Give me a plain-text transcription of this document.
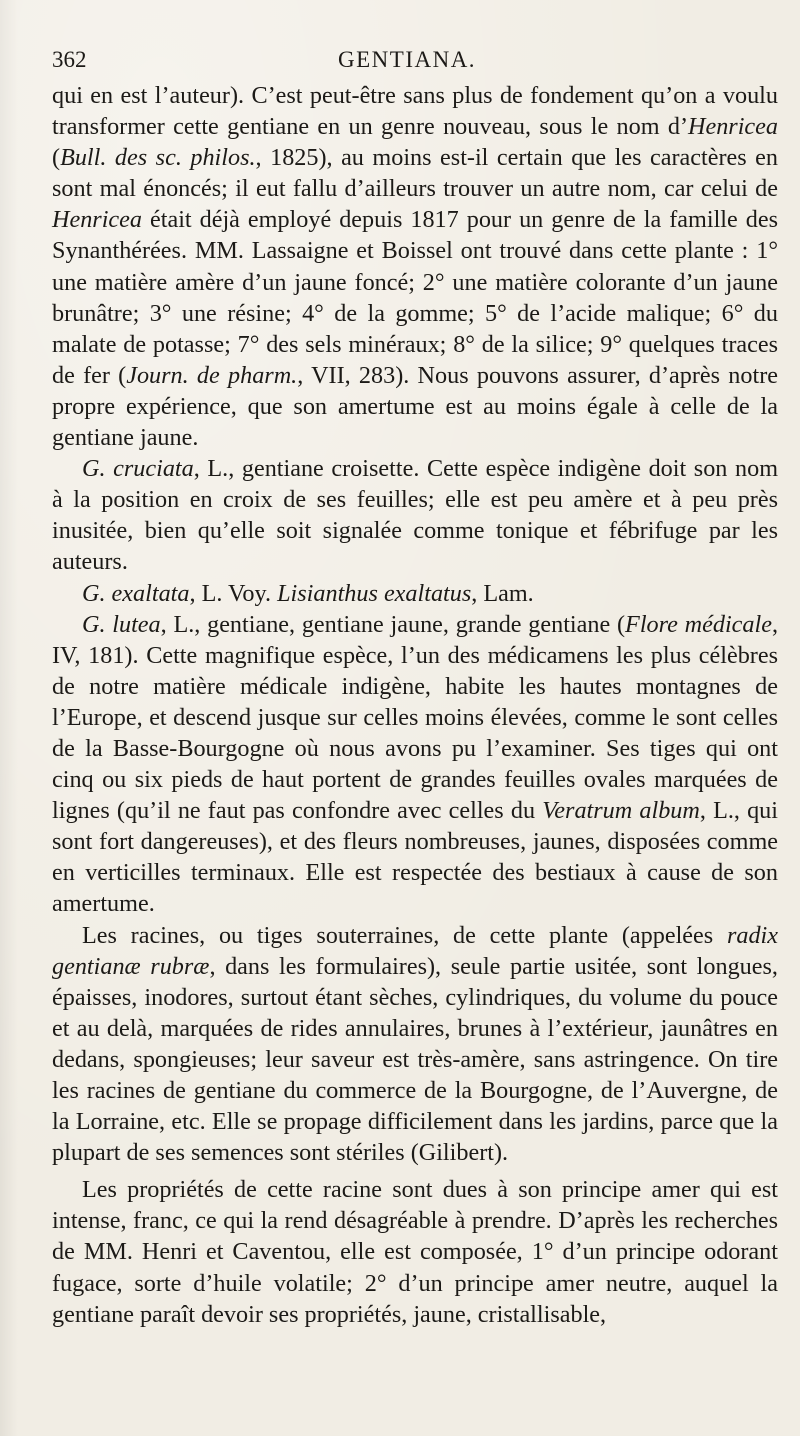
362	GENTIANA.

qui en est l’auteur). C’est peut-être sans plus de fondement qu’on a voulu transformer cette gentiane en un genre nouveau, sous le nom d’Henricea (Bull. des sc. philos., 1825), au moins est-il certain que les caractères en sont mal énoncés; il eut fallu d’ailleurs trouver un autre nom, car celui de Henricea était déjà employé depuis 1817 pour un genre de la famille des Synanthérées. MM. Lassaigne et Boissel ont trouvé dans cette plante : 1° une matière amère d’un jaune foncé; 2° une matière colorante d’un jaune brunâtre; 3° une résine; 4° de la gomme; 5° de l’acide malique; 6° du malate de potasse; 7° des sels minéraux; 8° de la silice; 9° quelques traces de fer (Journ. de pharm., VII, 283). Nous pouvons assurer, d’après notre propre expérience, que son amertume est au moins égale à celle de la gentiane jaune.

G. cruciata, L., gentiane croisette. Cette espèce indigène doit son nom à la position en croix de ses feuilles; elle est peu amère et à peu près inusitée, bien qu’elle soit signalée comme tonique et fébrifuge par les auteurs.

G. exaltata, L. Voy. Lisianthus exaltatus, Lam.

G. lutea, L., gentiane, gentiane jaune, grande gentiane (Flore médicale, IV, 181). Cette magnifique espèce, l’un des médicamens les plus célèbres de notre matière médicale indigène, habite les hautes montagnes de l’Europe, et descend jusque sur celles moins élevées, comme le sont celles de la Basse-Bourgogne où nous avons pu l’examiner. Ses tiges qui ont cinq ou six pieds de haut portent de grandes feuilles ovales marquées de lignes (qu’il ne faut pas confondre avec celles du Veratrum album, L., qui sont fort dangereuses), et des fleurs nombreuses, jaunes, disposées comme en verticilles terminaux. Elle est respectée des bestiaux à cause de son amertume.

Les racines, ou tiges souterraines, de cette plante (appelées radix gentianæ rubræ, dans les formulaires), seule partie usitée, sont longues, épaisses, inodores, surtout étant sèches, cylindriques, du volume du pouce et au delà, marquées de rides annulaires, brunes à l’extérieur, jaunâtres en dedans, spongieuses; leur saveur est très-amère, sans astringence. On tire les racines de gentiane du commerce de la Bourgogne, de l’Auvergne, de la Lorraine, etc. Elle se propage difficilement dans les jardins, parce que la plupart de ses semences sont stériles (Gilibert).

Les propriétés de cette racine sont dues à son principe amer qui est intense, franc, ce qui la rend désagréable à prendre. D’après les recherches de MM. Henri et Caventou, elle est composée, 1° d’un principe odorant fugace, sorte d’huile volatile; 2° d’un principe amer neutre, auquel la gentiane paraît devoir ses propriétés, jaune, cristallisable,
